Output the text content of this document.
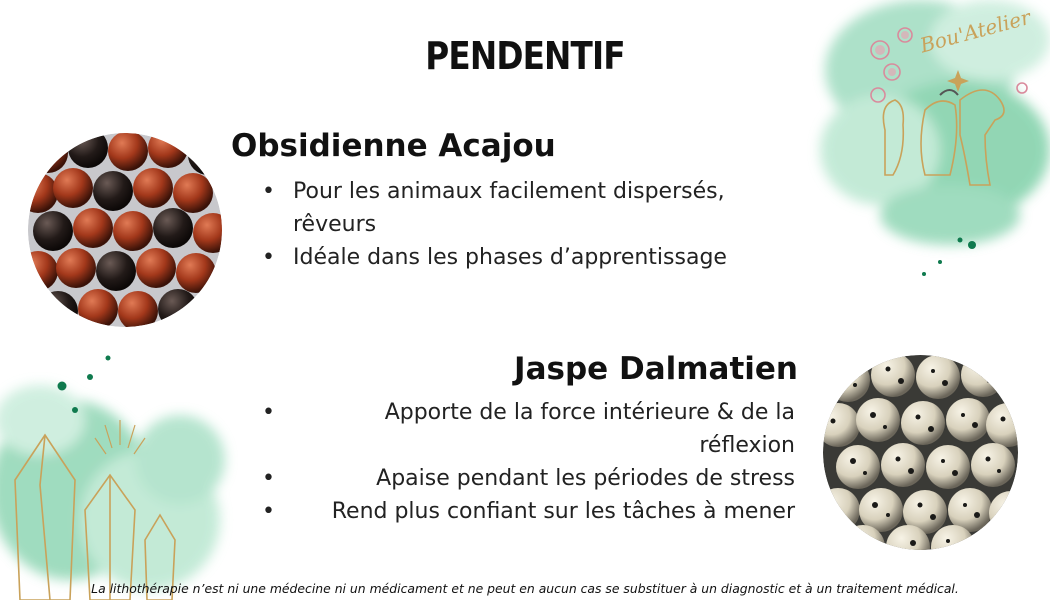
Bou'Atelier
PENDENTIF
Obsidienne Acajou
• Pour les animaux facilement dispersés, rêveurs
• Idéale dans les phases d’apprentissage
Jaspe Dalmatien
• Apporte de la force intérieure & de la réflexion
• Apaise pendant les périodes de stress
• Rend plus confiant sur les tâches à mener
La lithothérapie n’est ni une médecine ni un médicament et ne peut en aucun cas se substituer à un diagnostic et à un traitement médical.
